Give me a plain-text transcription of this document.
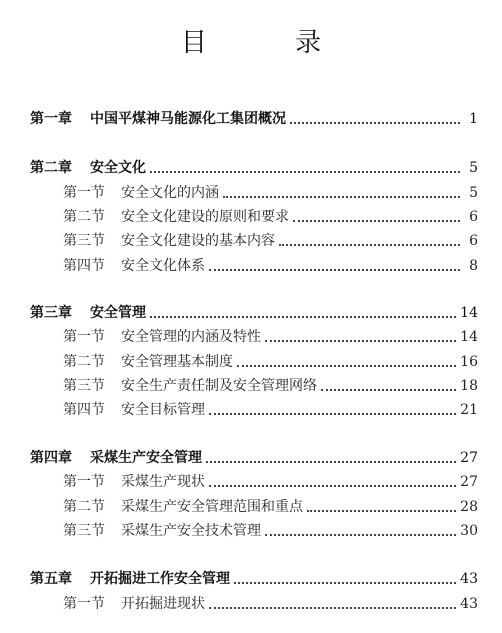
目 录
第一章 中国平煤神马能源化工集团概况	1
第二章 安全文化	5
第一节 安全文化的内涵	5
第二节 安全文化建设的原则和要求	6
第三节 安全文化建设的基本内容	6
第四节 安全文化体系	8
第三章 安全管理	14
第一节 安全管理的内涵及特性	14
第二节 安全管理基本制度	16
第三节 安全生产责任制及安全管理网络	18
第四节 安全目标管理	21
第四章 采煤生产安全管理	27
第一节 采煤生产现状	27
第二节 采煤生产安全管理范围和重点	28
第三节 采煤生产安全技术管理	30
第五章 开拓掘进工作安全管理	43
第一节 开拓掘进现状	43
